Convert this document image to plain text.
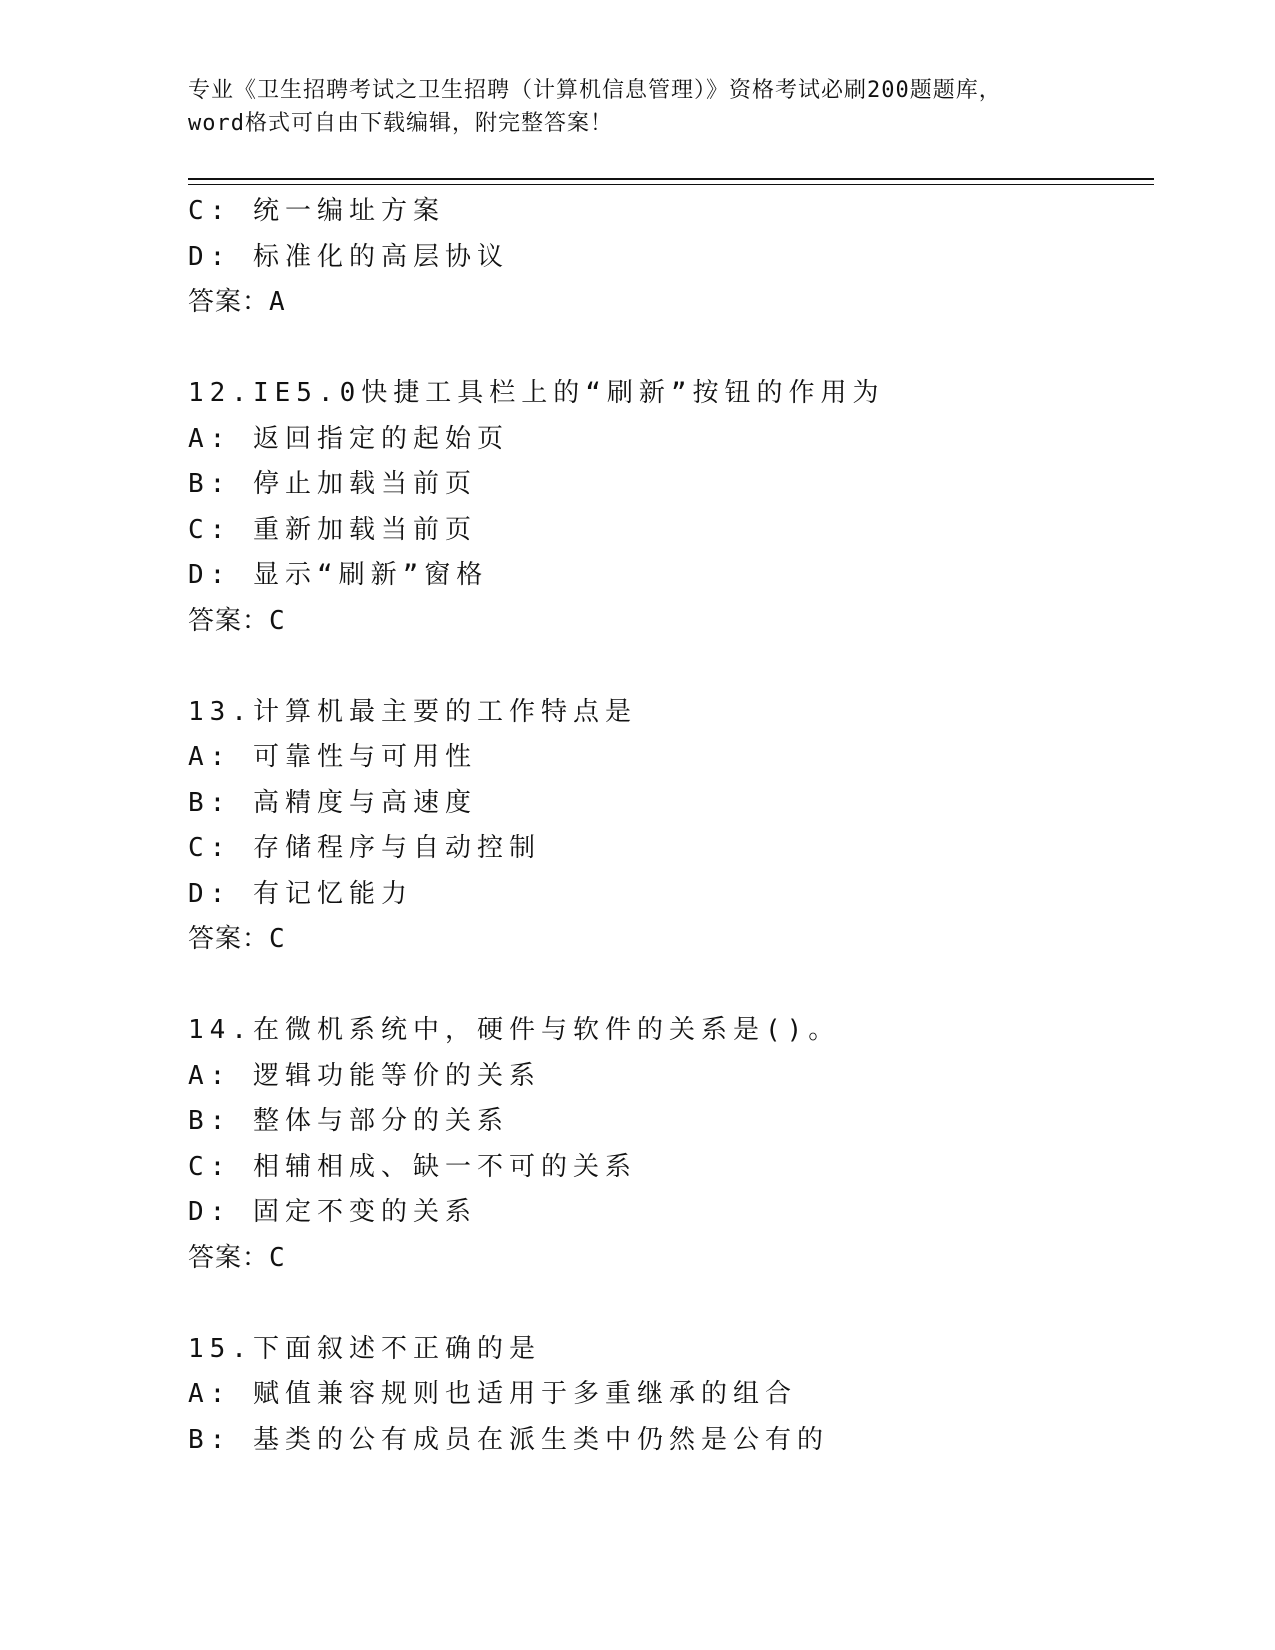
专业《卫生招聘考试之卫生招聘（计算机信息管理）》资格考试必刷200题题库，
word格式可自由下载编辑，附完整答案！
C: 统一编址方案
D: 标准化的高层协议
答案：A
12.IE5.0快捷工具栏上的“刷新”按钮的作用为
A: 返回指定的起始页
B: 停止加载当前页
C: 重新加载当前页
D: 显示“刷新”窗格
答案：C
13.计算机最主要的工作特点是
A: 可靠性与可用性
B: 高精度与高速度
C: 存储程序与自动控制
D: 有记忆能力
答案：C
14.在微机系统中，硬件与软件的关系是()。
A: 逻辑功能等价的关系
B: 整体与部分的关系
C: 相辅相成、缺一不可的关系
D: 固定不变的关系
答案：C
15.下面叙述不正确的是
A: 赋值兼容规则也适用于多重继承的组合
B: 基类的公有成员在派生类中仍然是公有的
